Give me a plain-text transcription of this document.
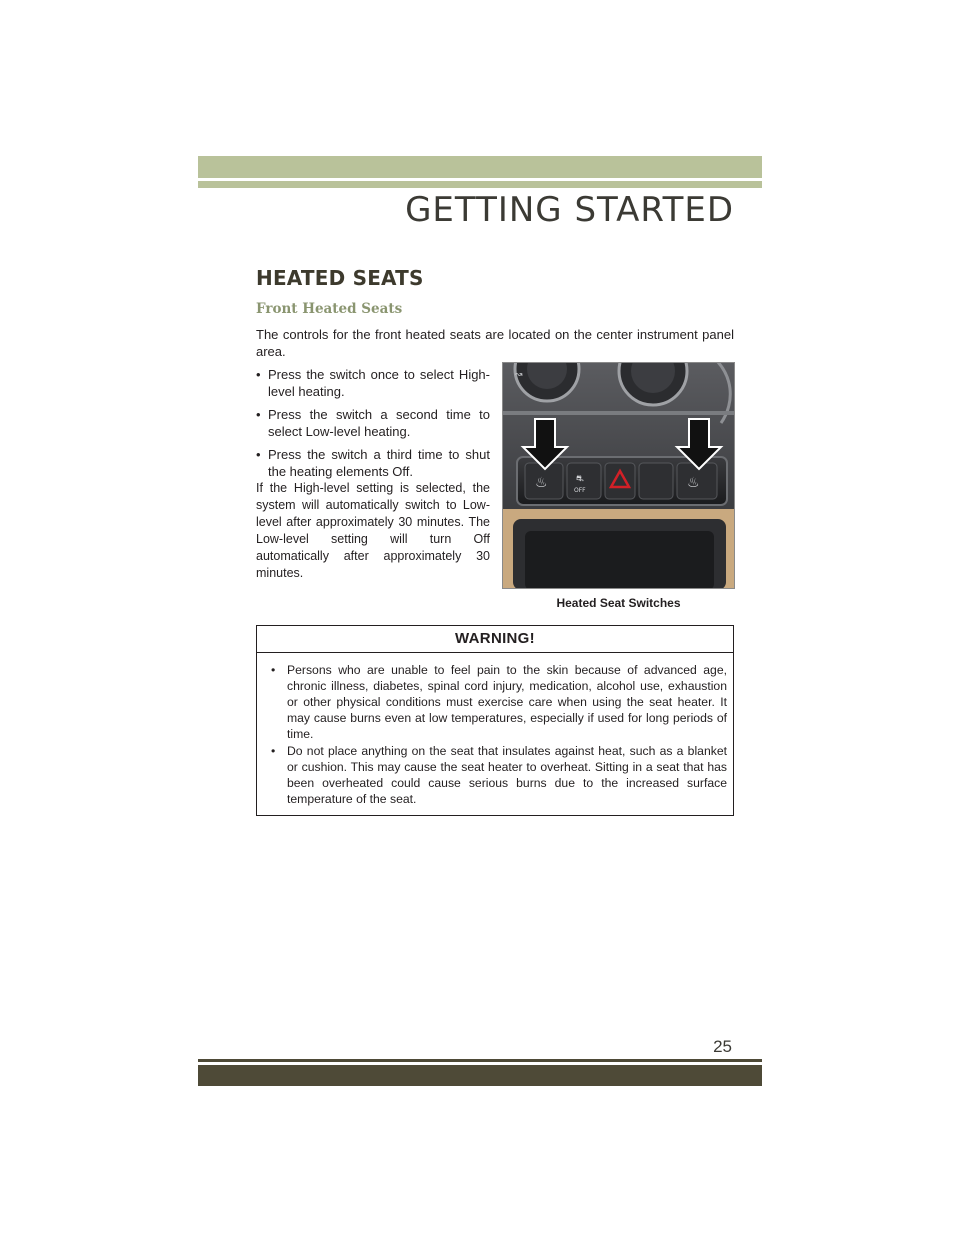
GETTING STARTED
HEATED SEATS
Front Heated Seats
The controls for the front heated seats are located on the center instrument panel area.
• Press the switch once to select High-level heating.
• Press the switch a second time to select Low-level heating.
• Press the switch a third time to shut the heating elements Off.
If the High-level setting is selected, the system will automatically switch to Low-level after approximately 30 minutes. The Low-level setting will turn Off automatically after approximately 30 minutes.
↝
♨	♨
⛐
OFF
Heated Seat Switches
WARNING!
• Persons who are unable to feel pain to the skin because of advanced age, chronic illness, diabetes, spinal cord injury, medication, alcohol use, exhaustion or other physical conditions must exercise care when using the seat heater. It may cause burns even at low temperatures, especially if used for long periods of time.
• Do not place anything on the seat that insulates against heat, such as a blanket or cushion. This may cause the seat heater to overheat. Sitting in a seat that has been overheated could cause serious burns due to the increased surface temperature of the seat.
25
